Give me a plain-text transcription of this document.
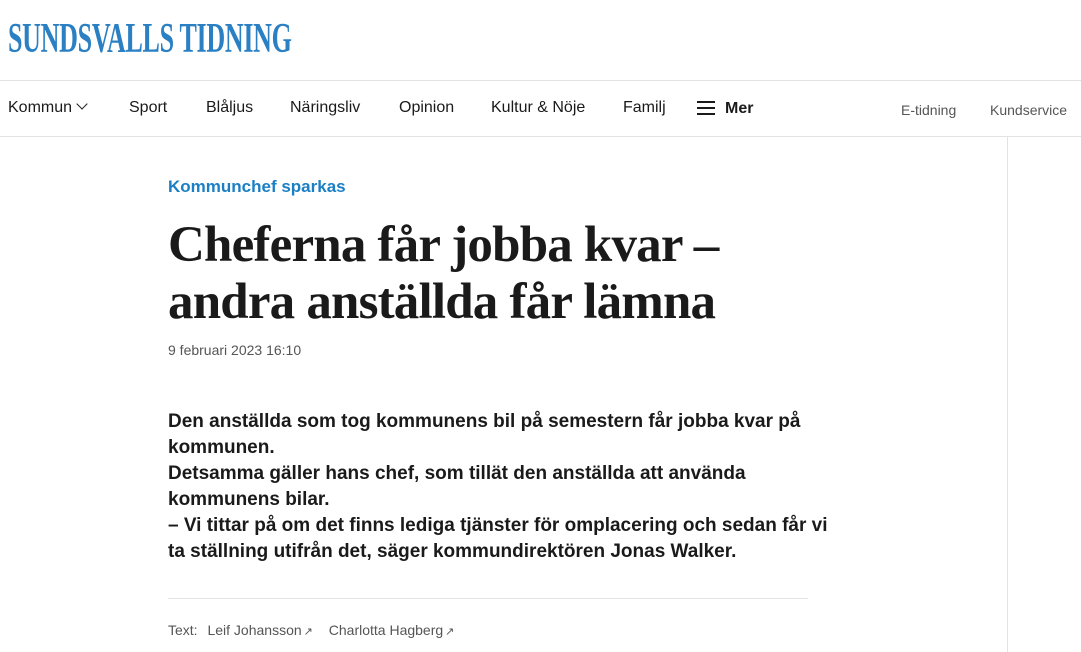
SUNDSVALLS TIDNING
Kommun	Sport Blåljus Näringsliv Opinion Kultur & Nöje Familj	Mer	E-tidning Kundservice
Kommunchef sparkas
Cheferna får jobba kvar – andra anställda får lämna
9 februari 2023 16:10

Den anställda som tog kommunens bil på semestern får jobba kvar på kommunen.

Detsamma gäller hans chef, som tillät den anställda att använda kommunens bilar.

– Vi tittar på om det finns lediga tjänster för omplacering och sedan får vi ta ställning utifrån det, säger kommundirektören Jonas Walker.

Text: Leif Johansson ↗ Charlotta Hagberg ↗
